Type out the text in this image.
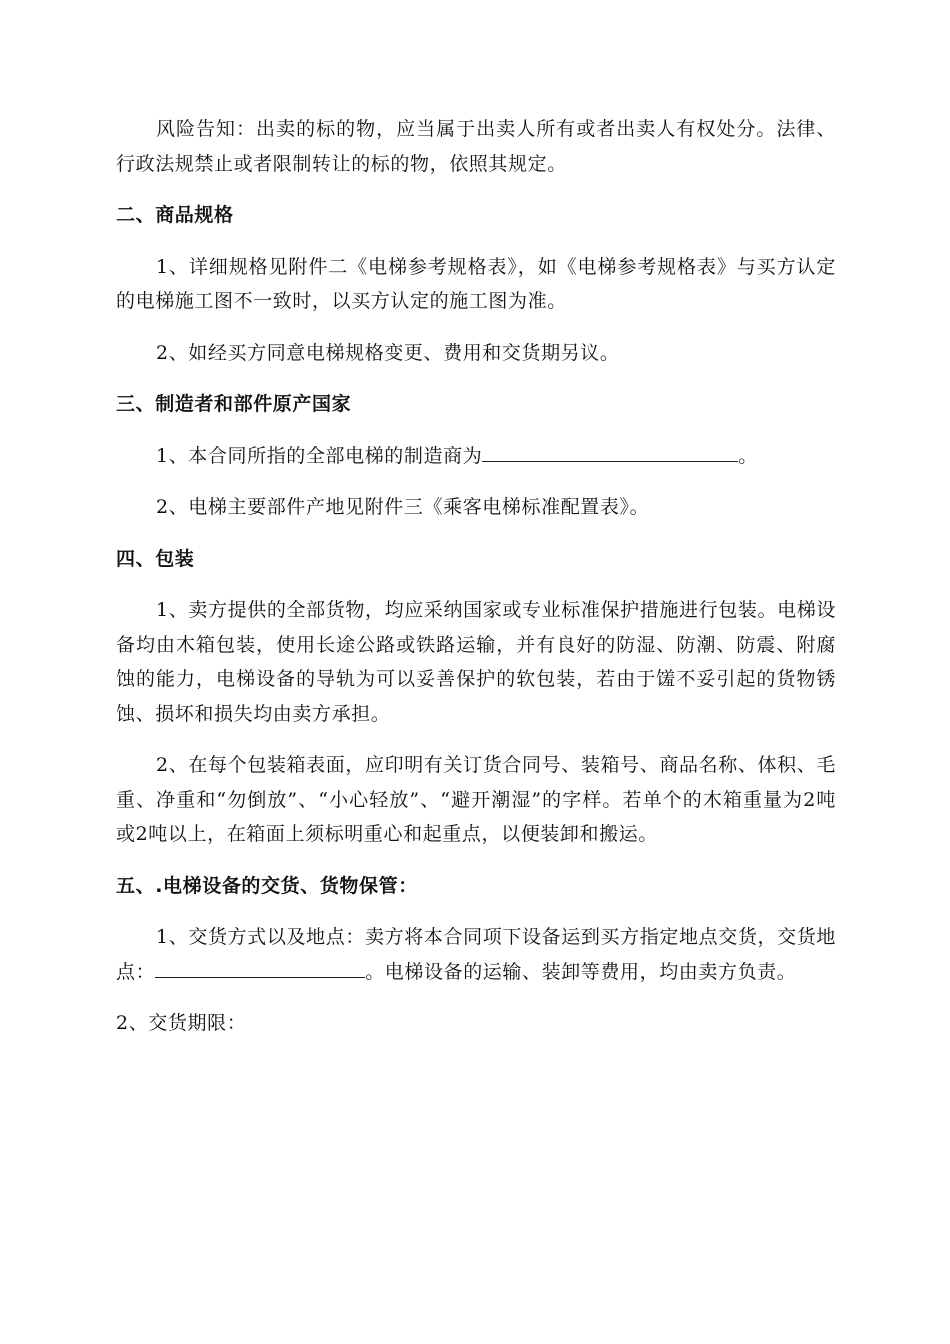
风险告知：出卖的标的物，应当属于出卖人所有或者出卖人有权处分。法律、行政法规禁止或者限制转让的标的物，依照其规定。

二、商品规格

1、详细规格见附件二《电梯参考规格表》，如《电梯参考规格表》与买方认定的电梯施工图不一致时，以买方认定的施工图为准。

2、如经买方同意电梯规格变更、费用和交货期另议。

三、制造者和部件原产国家

1、本合同所指的全部电梯的制造商为	。

2、电梯主要部件产地见附件三《乘客电梯标准配置表》。

四、包装

1、卖方提供的全部货物，均应采纳国家或专业标准保护措施进行包装。电梯设备均由木箱包装，使用长途公路或铁路运输，并有良好的防湿、防潮、防震、附腐蚀的能力，电梯设备的导轨为可以妥善保护的软包装，若由于馐不妥引起的货物锈蚀、损坏和损失均由卖方承担。

2、在每个包装箱表面，应印明有关订货合同号、装箱号、商品名称、体积、毛重、净重和“勿倒放”、“小心轻放”、“避开潮湿”的字样。若单个的木箱重量为2吨或2吨以上，在箱面上须标明重心和起重点，以便装卸和搬运。

五、.电梯设备的交货、货物保管：

1、交货方式以及地点：卖方将本合同项下设备运到买方指定地点交货，交货地点：	。电梯设备的运输、装卸等费用，均由卖方负责。

2、交货期限：
